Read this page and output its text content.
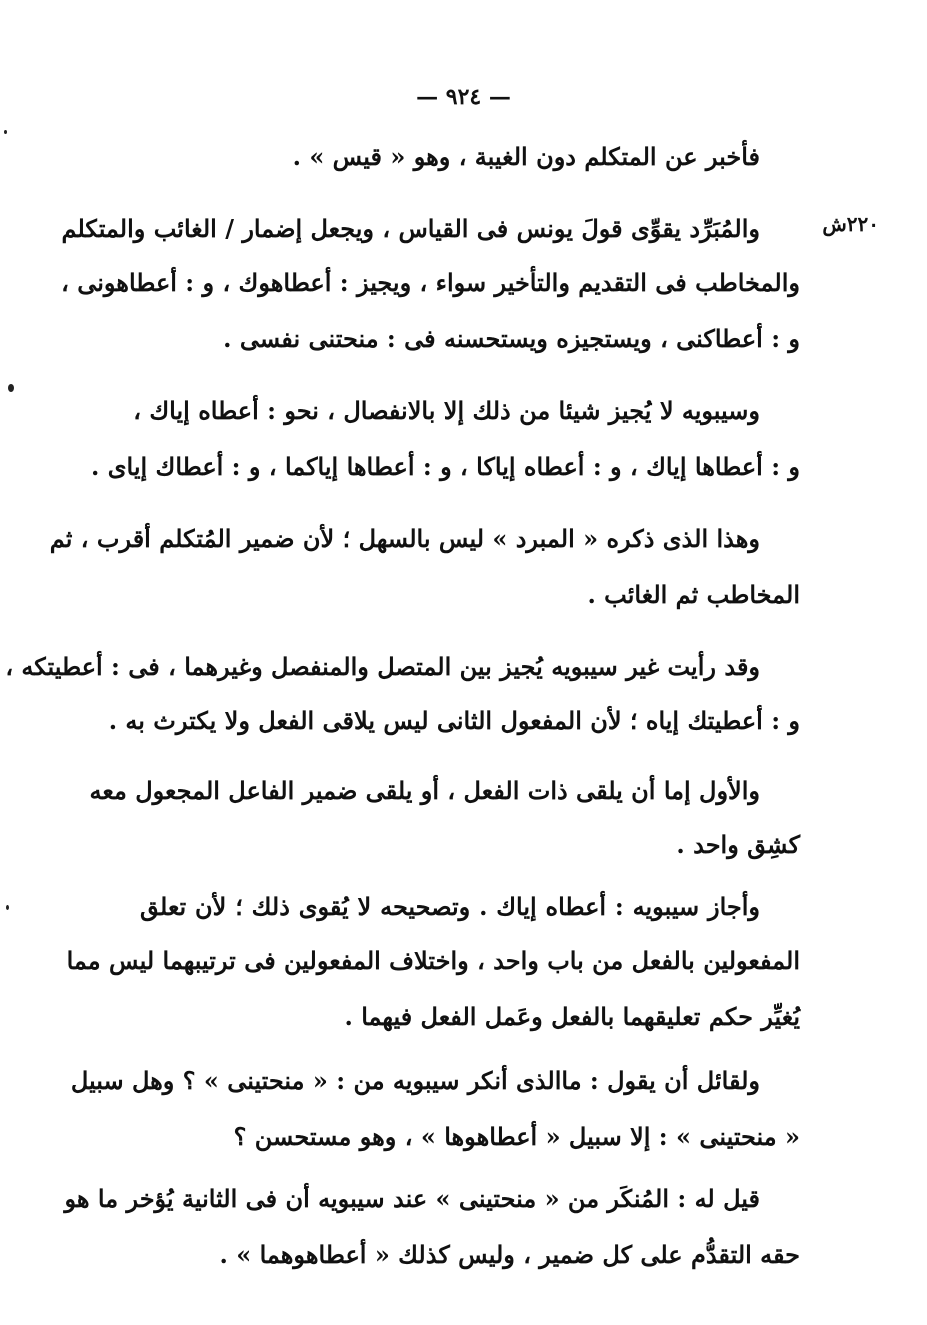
— ٩٢٤ —
٢٢٠ش
فأخبر عن المتكلم دون الغيبة ، وهو « قيس » .
والمُبَرِّد يقوِّى قولَ يونس فى القياس ، ويجعل إضمار / الغائب والمتكلم
والمخاطب فى التقديم والتأخير سواء ، ويجيز : أعطاهوك ، و : أعطاهونى ،
و : أعطاكنى ، ويستجيزه ويستحسنه فى : منحتنى نفسى .
وسيبويه لا يُجيز شيئا من ذلك إلا بالانفصال ، نحو : أعطاه إياك ،
و : أعطاها إياك ، و : أعطاه إياكا ، و : أعطاها إياكما ، و : أعطاك إياى .
وهذا الذى ذكره « المبرد » ليس بالسهل ؛ لأن ضمير المُتكلم أقرب ، ثم
المخاطب ثم الغائب .
وقد رأيت غير سيبويه يُجيز بين المتصل والمنفصل وغيرهما ، فى : أعطيتكه ،
و : أعطيتك إياه ؛ لأن المفعول الثانى ليس يلاقى الفعل ولا يكترث به .
والأول إما أن يلقى ذات الفعل ، أو يلقى ضمير الفاعل المجعول معه
كشِق واحد .
وأجاز سيبويه : أعطاه إياك . وتصحيحه لا يُقوى ذلك ؛ لأن تعلق
المفعولين بالفعل من باب واحد ، واختلاف المفعولين فى ترتيبهما ليس مما
يُغيِّر حكم تعليقهما بالفعل وعَمل الفعل فيهما .
ولقائل أن يقول : ماالذى أنكر سيبويه من : « منحتينى » ؟ وهل سبيل
« منحتينى » : إلا سبيل « أعطاهوها » ، وهو مستحسن ؟
قيل له : المُنكَر من « منحتينى » عند سيبويه أن فى الثانية يُؤخر ما هو
حقه التقدُّم على كل ضمير ، وليس كذلك « أعطاهوهما » .
